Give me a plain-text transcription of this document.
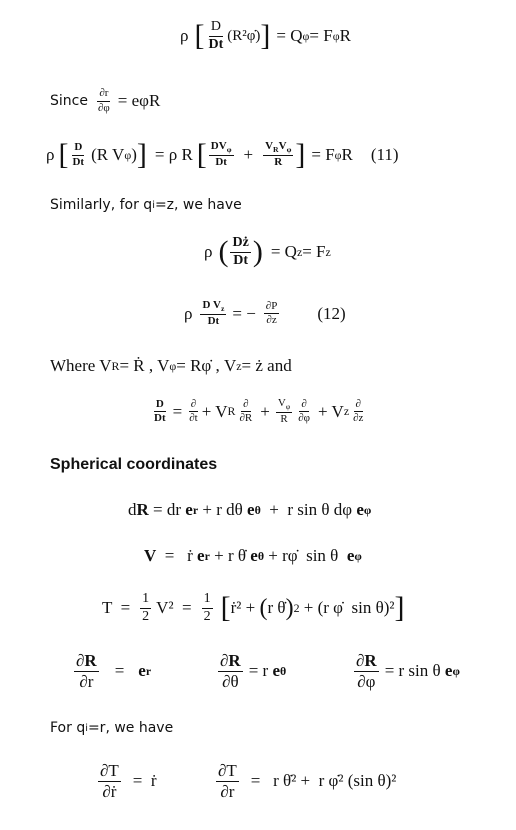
ρ [ $\frac{D}{Dt}$ (R²φ̇) ] = Q φ = F φ R
Since $\frac{\partial r}{\partial\varphi} = e$ φ R
ρ [ $\frac{D}{Dt} (R$ V φ ) ] = ρ R [ $\frac{DV_\varphi}{Dt} + \frac{V_RV_\varphi}{R}$ ] = F φ R (11)
Similarly, for q i =z, we have
ρ ( $\frac{Dż}{Dt}$ ) = Q z = F z
ρ $\frac{D V_z}{Dt}$ = − $\frac{\partial P}{\partial z} (12)$
Where V R = Ṙ , V φ = Rφ̇ , V z = ż and
$\frac{D}{Dt} = \frac{\partial}{\partial t} + V$ R $\frac{\partial}{\partial R} + \frac{V_\varphi}{R} \frac{\partial}{\partial\varphi} + V$ z $\frac{\partial}{\partial z}$
Spherical coordinates
d R = dr e r + r dθ e θ +  r sin θ dφ e φ
V =   ṙ e r + r θ̇ e θ + rφ̇  sin θ e φ
$T = \frac{1}{2} V^2 = \frac{1}{2}$ [ ṙ² + ( r θ̇ ) 2 + (r φ̇  sin θ)² ]
$\frac{\partial R}{\partial r} = e$ r	$\frac{\partial R}{\partial\theta} = r$ e θ	$\frac{\partial R}{\partial\varphi} = r$ sin θ e φ
For q i =r, we have
$\frac{\partial T}{\text{∂ṙ}}$ =  ṙ	$\frac{\partial T}{\partial r} = r$ θ̇² +  r φ̇² (sin θ)²
